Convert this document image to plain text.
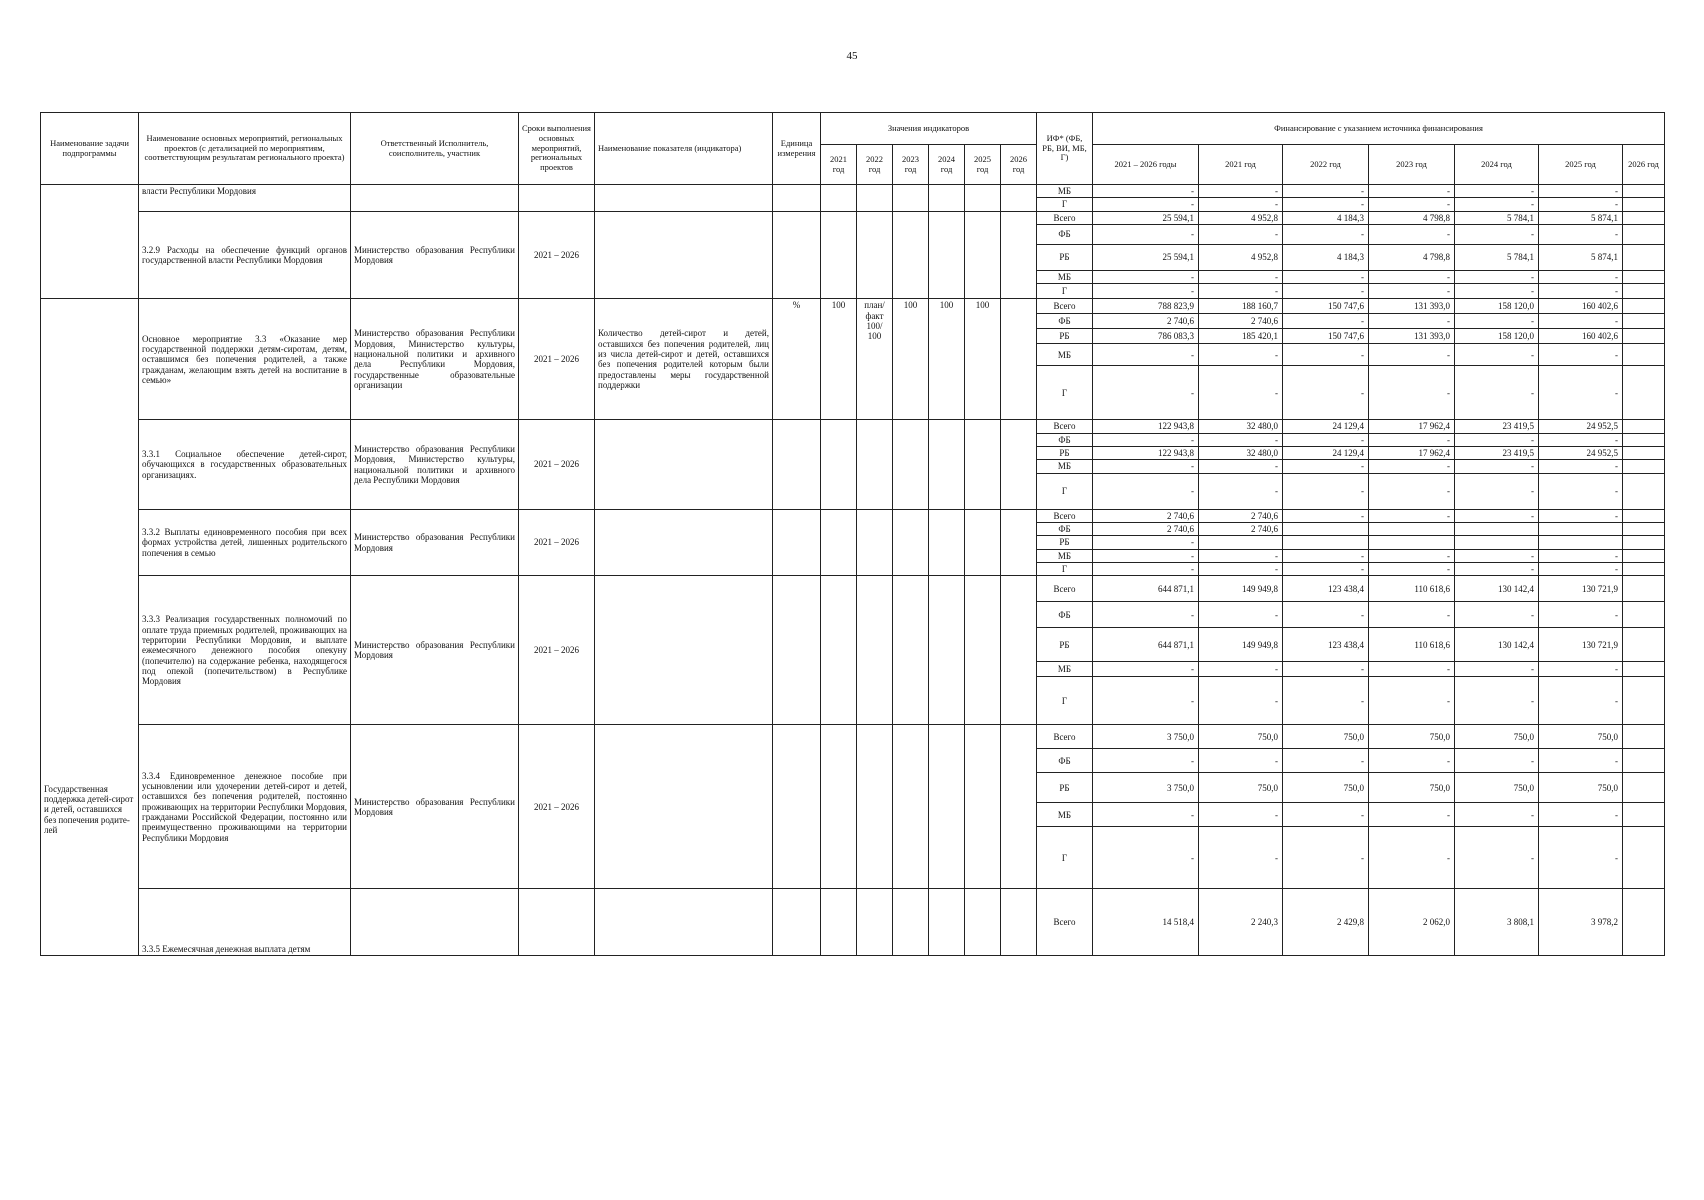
45
Наименование задачи подпрограммы	Наименование основных мероприятий, региональных проектов (с детализацией по мероприятиям, соответствующим результатам регионального проекта)	Ответственный Исполнитель, соисполнитель, участник	Сроки выполнения основных мероприятий, региональных проектов	Наименование показателя (индикатора)	Единица измерения	Значения индикаторов						ИФ* (ФБ, РБ, ВИ, МБ, Г)	Финансирование с указанием источника финансирования						
						2021 год	2022 год	2023 год	2024 год	2025 год	2026 год		2021 – 2026 годы	2021 год	2022 год	2023 год	2024 год	2025 год	2026 год
	власти Республики Мордовия											МБ	-	-	-	-	-	-	
												Г	-	-	-	-	-	-	
	3.2.9 Расходы на обеспечение функций органов государственной власти Республики Мордовия	Министерство образования Республики Мордовия	2021 – 2026									Всего	25 594,1	4 952,8	4 184,3	4 798,8	5 784,1	5 874,1	
												ФБ	-	-	-	-	-	-	
												РБ	25 594,1	4 952,8	4 184,3	4 798,8	5 784,1	5 874,1	
												МБ	-	-	-	-	-	-	
												Г	-	-	-	-	-	-	
Государственная поддержка детей-сирот и детей, оставшихся без попечения родите-лей	Основное мероприятие 3.3 «Оказание мер государственной поддержки детям-сиротам, детям, оставшимся без попечения родителей, а также гражданам, желающим взять детей на воспитание в семью»	Министерство образования Республики Мордовия, Министерство культуры, национальной политики и архивного дела Республики Мордовия, государственные образовательные организации	2021 – 2026	Количество детей-сирот и детей, оставшихся без попечения родителей, лиц из числа детей-сирот и детей, оставшихся без попечения родителей которым были предоставлены меры государственной поддержки	%	100	план/ факт 100/ 100	100	100	100		Всего	788 823,9	188 160,7	150 747,6	131 393,0	158 120,0	160 402,6	
												ФБ	2 740,6	2 740,6	-	-	-	-	
												РБ	786 083,3	185 420,1	150 747,6	131 393,0	158 120,0	160 402,6	
												МБ	-	-	-	-	-	-	
												Г	-	-	-	-	-	-	
	3.3.1 Социальное обеспечение детей-сирот, обучающихся в государственных образовательных организациях.	Министерство образования Республики Мордовия, Министерство культуры, национальной политики и архивного дела Республики Мордовия	2021 – 2026									Всего	122 943,8	32 480,0	24 129,4	17 962,4	23 419,5	24 952,5	
												ФБ	-	-	-	-	-	-	
												РБ	122 943,8	32 480,0	24 129,4	17 962,4	23 419,5	24 952,5	
												МБ	-	-	-	-	-	-	
												Г	-	-	-	-	-	-	
	3.3.2 Выплаты единовременного пособия при всех формах устройства детей, лишенных родительского попечения в семью	Министерство образования Республики Мордовия	2021 – 2026									Всего	2 740,6	2 740,6	-	-	-	-	
												ФБ	2 740,6	2 740,6					
												РБ	-						
												МБ	-	-	-	-	-	-	
												Г	-	-	-	-	-	-	
	3.3.3 Реализация государственных полномочий по оплате труда приемных родителей, проживающих на территории Республики Мордовия, и выплате ежемесячного денежного пособия опекуну (попечителю) на содержание ребенка, находящегося под опекой (попечительством) в Республике Мордовия	Министерство образования Республики Мордовия	2021 – 2026									Всего	644 871,1	149 949,8	123 438,4	110 618,6	130 142,4	130 721,9	
												ФБ	-	-	-	-	-	-	
												РБ	644 871,1	149 949,8	123 438,4	110 618,6	130 142,4	130 721,9	
												МБ	-	-	-	-	-	-	
												Г	-	-	-	-	-	-	
	3.3.4 Единовременное денежное пособие при усыновлении или удочерении детей-сирот и детей, оставшихся без попечения родителей, постоянно проживающих на территории Республики Мордовия, гражданами Российской Федерации, постоянно или преимущественно проживающими на территории Республики Мордовия	Министерство образования Республики Мордовия	2021 – 2026									Всего	3 750,0	750,0	750,0	750,0	750,0	750,0	
												ФБ	-	-	-	-	-	-	
												РБ	3 750,0	750,0	750,0	750,0	750,0	750,0	
												МБ	-	-	-	-	-	-	
												Г	-	-	-	-	-	-	
	3.3.5 Ежемесячная денежная выплата детям											Всего	14 518,4	2 240,3	2 429,8	2 062,0	3 808,1	3 978,2	
